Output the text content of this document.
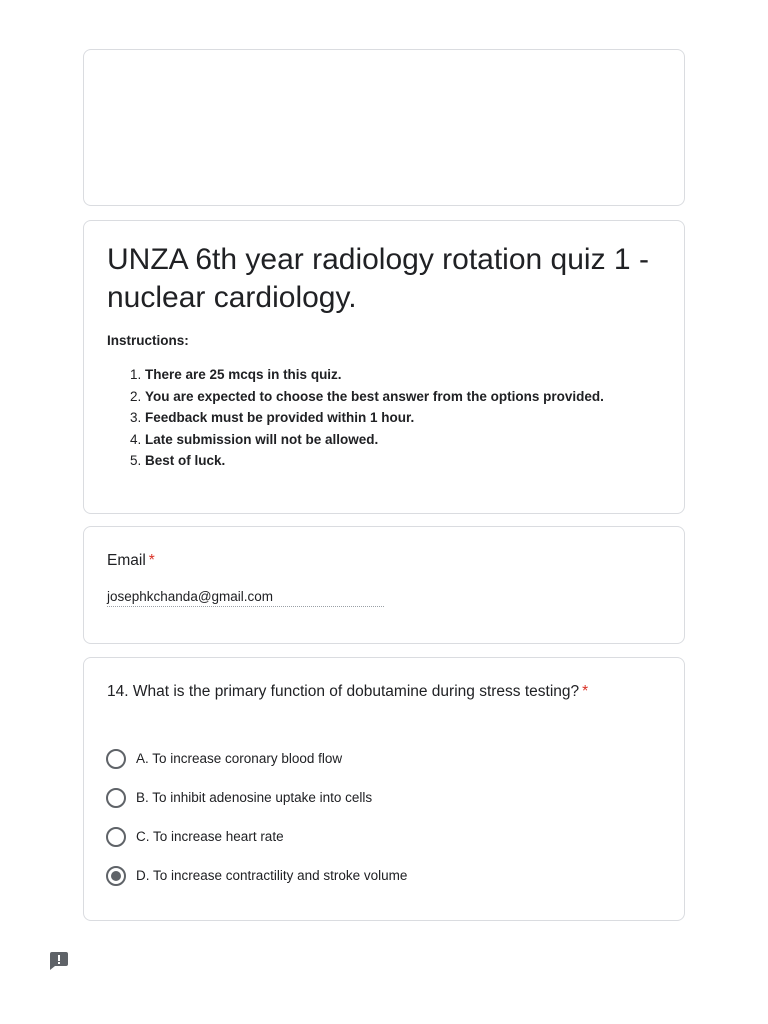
UNZA 6th year radiology rotation quiz 1 - nuclear cardiology.
Instructions:
1. There are 25 mcqs in this quiz.
2. You are expected to choose the best answer from the options provided.
3. Feedback must be provided within 1 hour.
4. Late submission will not be allowed.
5. Best of luck.
Email *
josephkchanda@gmail.com
14. What is the primary function of dobutamine during stress testing? *
A. To increase coronary blood flow
B. To inhibit adenosine uptake into cells
C. To increase heart rate
D. To increase contractility and stroke volume
